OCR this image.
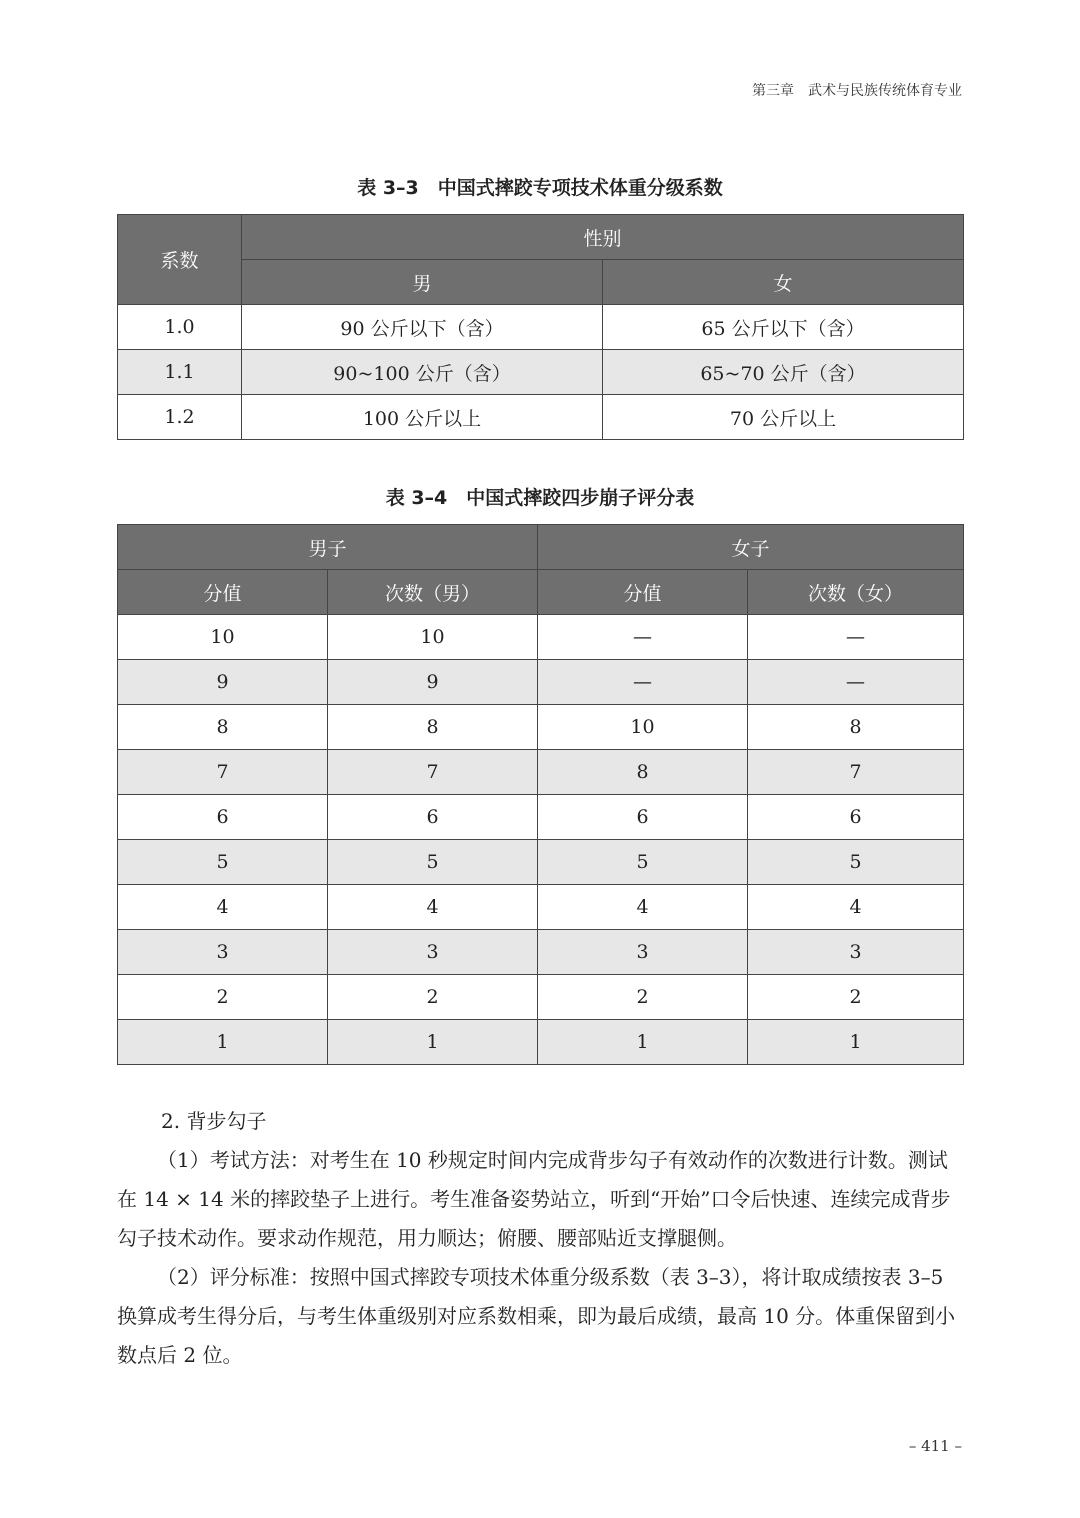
第三章　武术与民族传统体育专业
表 3–3　中国式摔跤专项技术体重分级系数
系数	性别	
	男	女
1.0	90 公斤以下（含）	65 公斤以下（含）
1.1	90~100 公斤（含）	65~70 公斤（含）
1.2	100 公斤以上	70 公斤以上
表 3–4　中国式摔跤四步崩子评分表
男子		女子	
分值	次数（男）	分值	次数（女）
10	10	—	—
9	9	—	—
8	8	10	8
7	7	8	7
6	6	6	6
5	5	5	5
4	4	4	4
3	3	3	3
2	2	2	2
1	1	1	1

2. 背步勾子

（1）考试方法：对考生在 10 秒规定时间内完成背步勾子有效动作的次数进行计数。测试在 14 × 14 米的摔跤垫子上进行。考生准备姿势站立，听到“开始”口令后快速、连续完成背步勾子技术动作。要求动作规范，用力顺达；俯腰、腰部贴近支撑腿侧。

（2）评分标准：按照中国式摔跤专项技术体重分级系数（表 3–3），将计取成绩按表 3–5 换算成考生得分后，与考生体重级别对应系数相乘，即为最后成绩，最高 10 分。体重保留到小数点后 2 位。

– 411 –
